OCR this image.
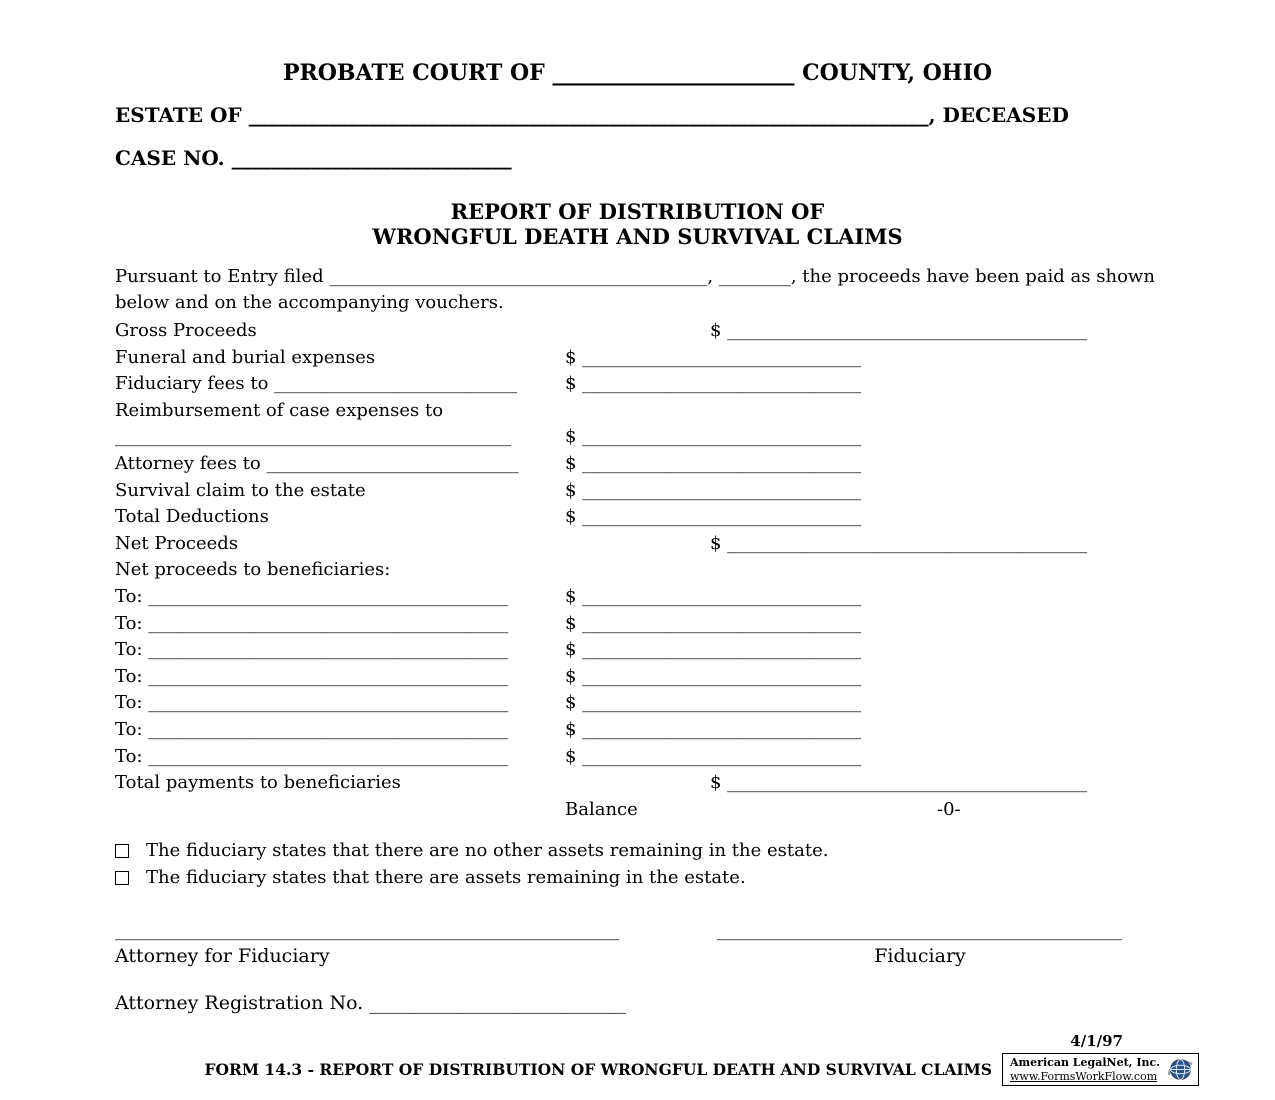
PROBATE COURT OF ______________________ COUNTY, OHIO
ESTATE OF ____________________________________________________________________, DECEASED
CASE NO. ____________________________
REPORT OF DISTRIBUTION OF
WRONGFUL DEATH AND SURVIVAL CLAIMS

Pursuant to Entry filed __________________________________________, ________, the proceeds have been paid as shown below and on the accompanying vouchers.

Gross Proceeds	$ ________________________________________
Funeral and burial expenses	$ _______________________________
Fiduciary fees to ___________________________	$ _______________________________
Reimbursement of case expenses to
____________________________________________	$ _______________________________
Attorney fees to ____________________________	$ _______________________________
Survival claim to the estate	$ _______________________________
Total Deductions	$ _______________________________
Net Proceeds	$ ________________________________________
Net proceeds to beneficiaries:
To: ________________________________________	$ _______________________________
To: ________________________________________	$ _______________________________
To: ________________________________________	$ _______________________________
To: ________________________________________	$ _______________________________
To: ________________________________________	$ _______________________________
To: ________________________________________	$ _______________________________
To: ________________________________________	$ _______________________________
Total payments to beneficiaries	$ ________________________________________
Balance	-0-
The fiduciary states that there are no other assets remaining in the estate.
The fiduciary states that there are assets remaining in the estate.
________________________________________________________
Attorney for Fiduciary
_____________________________________________
Fiduciary
Attorney Registration No. ___________________________
4/1/97
FORM 14.3 - REPORT OF DISTRIBUTION OF WRONGFUL DEATH AND SURVIVAL CLAIMS American LegalNet, Inc.
www.FormsWorkFlow.com
